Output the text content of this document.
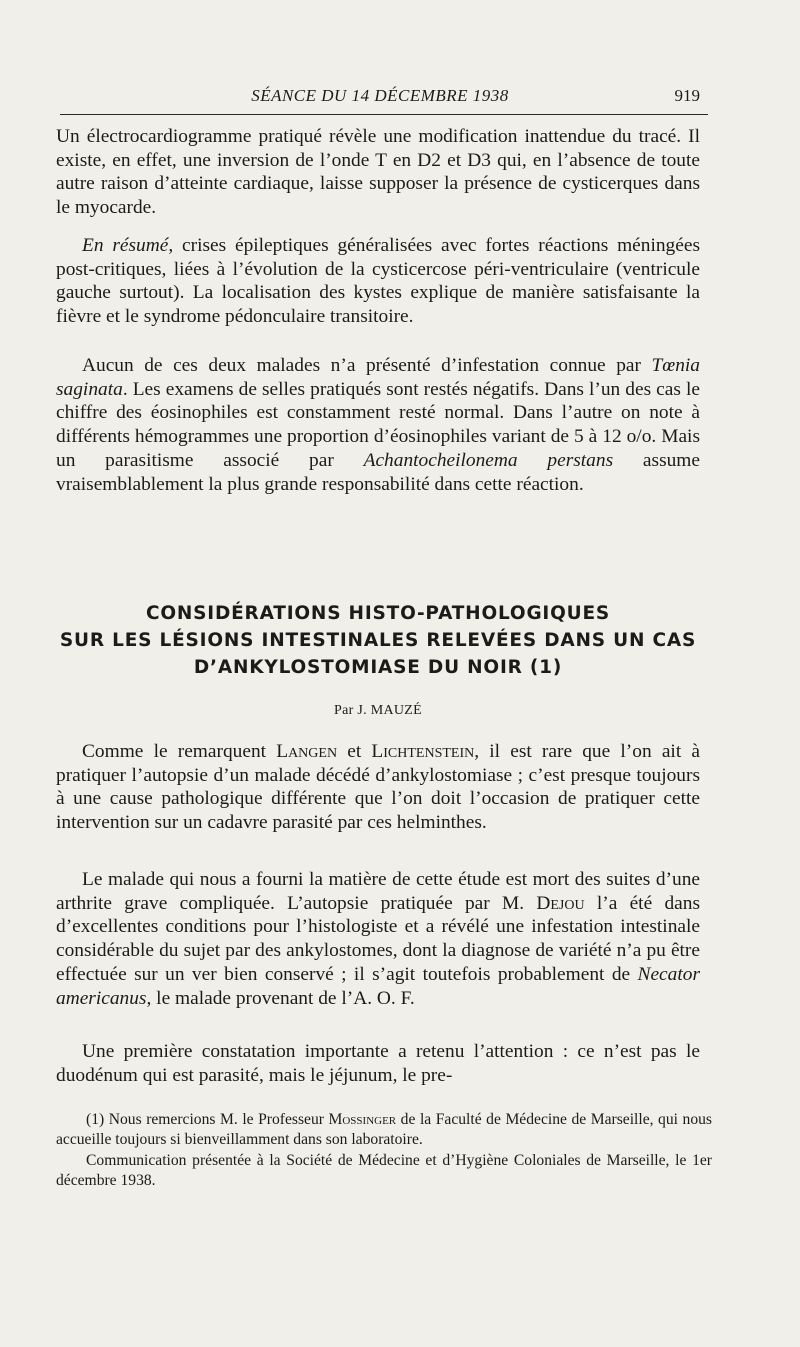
SÉANCE DU 14 DÉCEMBRE 1938	919

Un électrocardiogramme pratiqué révèle une modification inattendue du tracé. Il existe, en effet, une inversion de l’onde T en D2 et D3 qui, en l’absence de toute autre raison d’atteinte cardiaque, laisse supposer la présence de cysticerques dans le myocarde.

En résumé, crises épileptiques généralisées avec fortes réactions méningées post-critiques, liées à l’évolution de la cysticercose péri-ventriculaire (ventricule gauche surtout). La localisation des kystes explique de manière satisfaisante la fièvre et le syndrome pédonculaire transitoire.

Aucun de ces deux malades n’a présenté d’infestation connue par Tœnia saginata. Les examens de selles pratiqués sont restés négatifs. Dans l’un des cas le chiffre des éosinophiles est constamment resté normal. Dans l’autre on note à différents hémogrammes une proportion d’éosinophiles variant de 5 à 12 o/o. Mais un parasitisme associé par Achantocheilonema perstans assume vraisemblablement la plus grande responsabilité dans cette réaction.

CONSIDÉRATIONS HISTO-PATHOLOGIQUES
SUR LES LÉSIONS INTESTINALES RELEVÉES DANS UN CAS
D’ANKYLOSTOMIASE DU NOIR (1)
Par J. MAUZÉ

Comme le remarquent Langen et Lichtenstein, il est rare que l’on ait à pratiquer l’autopsie d’un malade décédé d’ankylostomiase ; c’est presque toujours à une cause pathologique différente que l’on doit l’occasion de pratiquer cette intervention sur un cadavre parasité par ces helminthes.

Le malade qui nous a fourni la matière de cette étude est mort des suites d’une arthrite grave compliquée. L’autopsie pratiquée par M. Dejou l’a été dans d’excellentes conditions pour l’histologiste et a révélé une infestation intestinale considérable du sujet par des ankylostomes, dont la diagnose de variété n’a pu être effectuée sur un ver bien conservé ; il s’agit toutefois probablement de Necator americanus, le malade provenant de l’A. O. F.

Une première constatation importante a retenu l’attention : ce n’est pas le duodénum qui est parasité, mais le jéjunum, le pre-

(1) Nous remercions M. le Professeur Mossinger de la Faculté de Médecine de Marseille, qui nous accueille toujours si bienveillamment dans son laboratoire.

Communication présentée à la Société de Médecine et d’Hygiène Coloniales de Marseille, le 1er décembre 1938.
